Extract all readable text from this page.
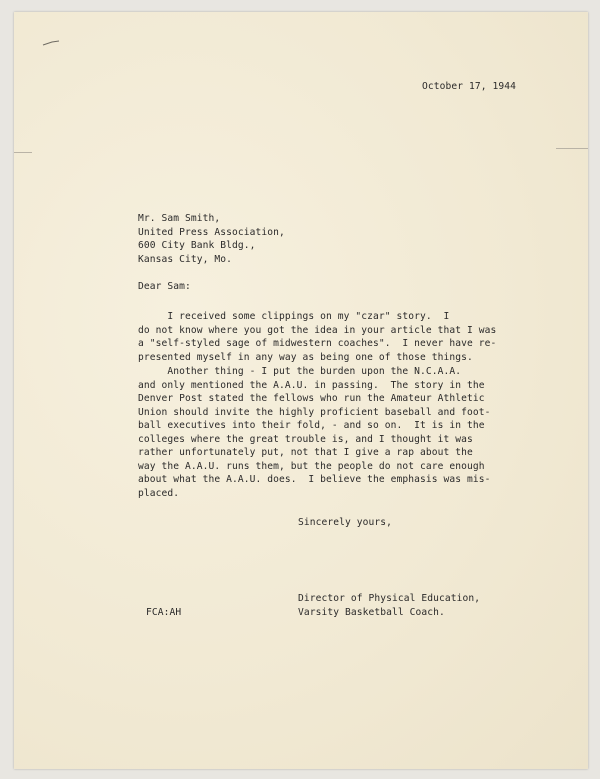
October 17, 1944
Mr. Sam Smith,
United Press Association,
600 City Bank Bldg.,
Kansas City, Mo.
Dear Sam:
I received some clippings on my "czar" story.  I
do not know where you got the idea in your article that I was
a "self-styled sage of midwestern coaches".  I never have re-
presented myself in any way as being one of those things.
Another thing - I put the burden upon the N.C.A.A.
and only mentioned the A.A.U. in passing.  The story in the
Denver Post stated the fellows who run the Amateur Athletic
Union should invite the highly proficient baseball and foot-
ball executives into their fold, - and so on.  It is in the
colleges where the great trouble is, and I thought it was
rather unfortunately put, not that I give a rap about the
way the A.A.U. runs them, but the people do not care enough
about what the A.A.U. does.  I believe the emphasis was mis-
placed.
Sincerely yours,
Director of Physical Education,
Varsity Basketball Coach.
FCA:AH
